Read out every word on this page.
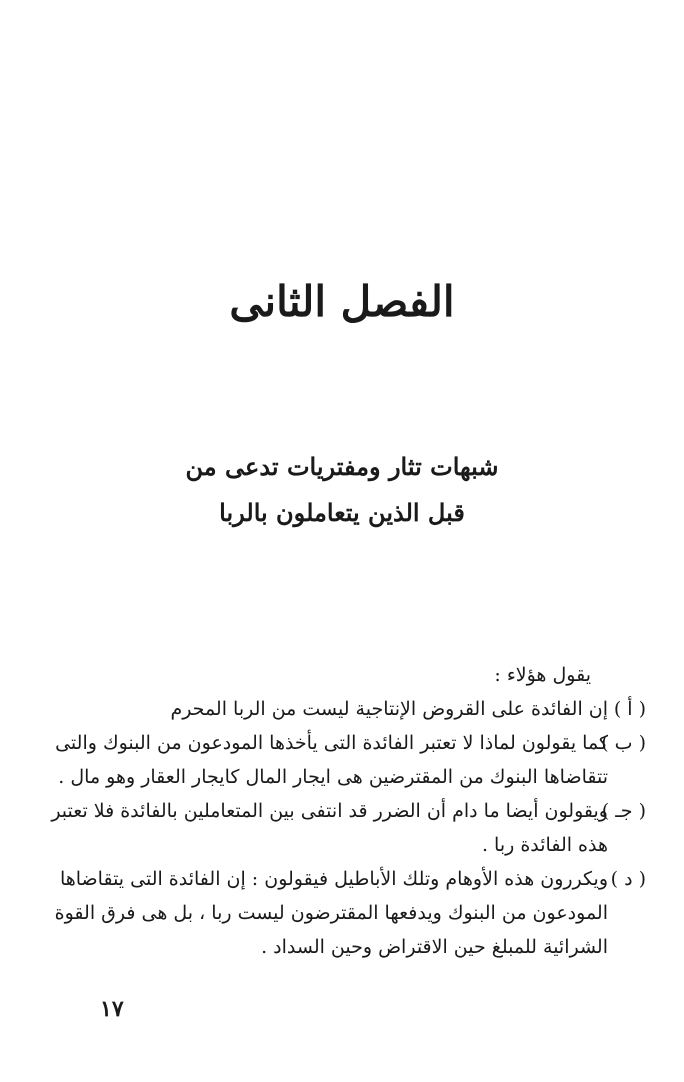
الفصل الثانى
شبهات تثار ومفتريات تدعى من
قبل الذين يتعاملون بالربا
يقول هؤلاء :
( أ )
إن الفائدة على القروض الإنتاجية ليست من الربا المحرم
( ب )
كما يقولون لماذا لا تعتبر الفائدة التى يأخذها المودعون من البنوك والتى
تتقاضاها البنوك من المقترضين هى ايجار المال كايجار العقار وهو مال .
( جـ )
ويقولون أيضا ما دام أن الضرر قد انتفى بين المتعاملين بالفائدة فلا تعتبر
هذه الفائدة ربا .
( د )
ويكررون هذه الأوهام وتلك الأباطيل فيقولون : إن الفائدة التى يتقاضاها
المودعون من البنوك ويدفعها المقترضون ليست ربا ، بل هى فرق القوة
الشرائية للمبلغ حين الاقتراض وحين السداد .
١٧
